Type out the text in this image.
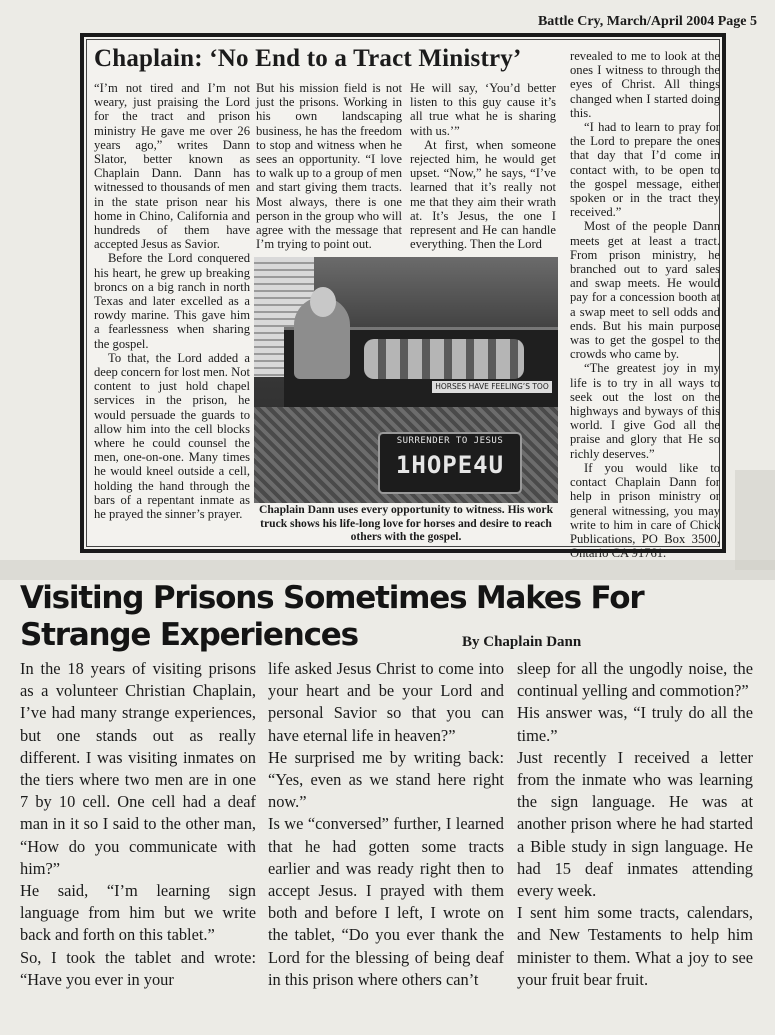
Battle Cry, March/April 2004 Page 5
Chaplain: ‘No End to a Tract Ministry’

“I’m not tired and I’m not weary, just praising the Lord for the tract and prison ministry He gave me over 26 years ago,” writes Dann Slator, better known as Chaplain Dann. Dann has witnessed to thousands of men in the state prison near his home in Chino, California and hundreds of them have accepted Jesus as Savior.

Before the Lord conquered his heart, he grew up breaking broncs on a big ranch in north Texas and later excelled as a rowdy marine. This gave him a fearlessness when sharing the gospel.

To that, the Lord added a deep concern for lost men. Not content to just hold chapel services in the prison, he would persuade the guards to allow him into the cell blocks where he could counsel the men, one-on-one. Many times he would kneel outside a cell, holding the hand through the bars of a repentant inmate as he prayed the sinner’s prayer.

But his mission field is not just the prisons. Working in his own landscaping business, he has the freedom to stop and witness when he sees an opportunity. “I love to walk up to a group of men and start giving them tracts. Most always, there is one person in the group who will agree with the message that I’m trying to point out.

He will say, ‘You’d better listen to this guy cause it’s all true what he is sharing with us.’”

At first, when someone rejected him, he would get upset. “Now,” he says, “I’ve learned that it’s really not me that they aim their wrath at. It’s Jesus, the one I represent and He can handle everything. Then the Lord

revealed to me to look at the ones I witness to through the eyes of Christ. All things changed when I started doing this.

“I had to learn to pray for the Lord to prepare the ones that day that I’d come in contact with, to be open to the gospel message, either spoken or in the tract they received.”

Most of the people Dann meets get at least a tract. From prison ministry, he branched out to yard sales and swap meets. He would pay for a concession booth at a swap meet to sell odds and ends. But his main purpose was to get the gospel to the crowds who came by.

“The greatest joy in my life is to try in all ways to seek out the lost on the highways and byways of this world. I give God all the praise and glory that He so richly deserves.”

If you would like to contact Chaplain Dann for help in prison ministry or general witnessing, you may write to him in care of Chick Publications, PO Box 3500, Ontario CA 91761.

HORSES HAVE FEELING’S TOO
SURRENDER TO JESUS
1HOPE4U
Chaplain Dann uses every opportunity to witness. His work truck shows his life-long love for horses and desire to reach others with the gospel.
Visiting Prisons Sometimes Makes For
Strange Experiences	By Chaplain Dann

In the 18 years of visiting prisons as a volunteer Christian Chaplain, I’ve had many strange experiences, but one stands out as really different. I was visiting inmates on the tiers where two men are in one 7 by 10 cell. One cell had a deaf man in it so I said to the other man, “How do you communicate with him?”

He said, “I’m learning sign language from him but we write back and forth on this tablet.”

So, I took the tablet and wrote: “Have you ever in your

life asked Jesus Christ to come into your heart and be your Lord and personal Savior so that you can have eternal life in heaven?”

He surprised me by writing back: “Yes, even as we stand here right now.”

Is we “conversed” further, I learned that he had gotten some tracts earlier and was ready right then to accept Jesus. I prayed with them both and before I left, I wrote on the tablet, “Do you ever thank the Lord for the blessing of being deaf in this prison where others can’t

sleep for all the ungodly noise, the continual yelling and commotion?”

His answer was, “I truly do all the time.”

Just recently I received a letter from the inmate who was learning the sign language. He was at another prison where he had started a Bible study in sign language. He had 15 deaf inmates attending every week.

I sent him some tracts, calendars, and New Testaments to help him minister to them. What a joy to see your fruit bear fruit.
